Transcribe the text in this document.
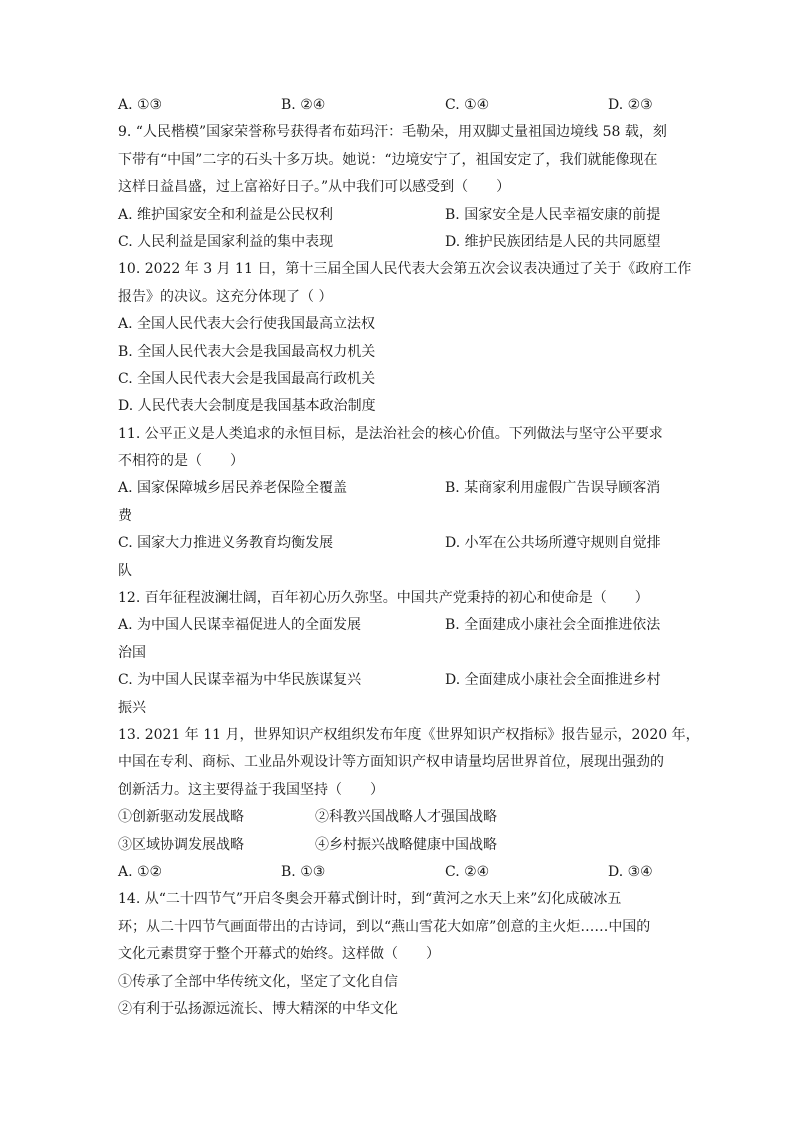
A. ①③	B. ②④	C. ①④	D. ②③
9. “人民楷模”国家荣誉称号获得者布茹玛汗：毛勒朵，用双脚丈量祖国边境线 58 载，刻
下带有“中国”二字的石头十多万块。她说：“边境安宁了，祖国安定了，我们就能像现在
这样日益昌盛，过上富裕好日子。”从中我们可以感受到（　　）
A. 维护国家安全和利益是公民权利	B. 国家安全是人民幸福安康的前提
C. 人民利益是国家利益的集中表现	D. 维护民族团结是人民的共同愿望
10. 2022 年 3 月 11 日，第十三届全国人民代表大会第五次会议表决通过了关于《政府工作
报告》的决议。这充分体现了（ ）
A. 全国人民代表大会行使我国最高立法权
B. 全国人民代表大会是我国最高权力机关
C. 全国人民代表大会是我国最高行政机关
D. 人民代表大会制度是我国基本政治制度
11. 公平正义是人类追求的永恒目标，是法治社会的核心价值。下列做法与坚守公平要求
不相符的是（　　）
A. 国家保障城乡居民养老保险全覆盖	B. 某商家利用虚假广告误导顾客消
费
C. 国家大力推进义务教育均衡发展	D. 小军在公共场所遵守规则自觉排
队
12. 百年征程波澜壮阔，百年初心历久弥坚。中国共产党秉持的初心和使命是（　　）
A. 为中国人民谋幸福促进人的全面发展	B. 全面建成小康社会全面推进依法
治国
C. 为中国人民谋幸福为中华民族谋复兴	D. 全面建成小康社会全面推进乡村
振兴
13. 2021 年 11 月，世界知识产权组织发布年度《世界知识产权指标》报告显示，2020 年，
中国在专利、商标、工业品外观设计等方面知识产权申请量均居世界首位，展现出强劲的
创新活力。这主要得益于我国坚持（　　）
①创新驱动发展战略	②科教兴国战略人才强国战略
③区域协调发展战略	④乡村振兴战略健康中国战略
A. ①②	B. ①③	C. ②④	D. ③④
14. 从“二十四节气”开启冬奥会开幕式倒计时，到“黄河之水天上来”幻化成破冰五
环；从二十四节气画面带出的古诗词，到以“燕山雪花大如席”创意的主火炬……中国的
文化元素贯穿于整个开幕式的始终。这样做（　　）
①传承了全部中华传统文化，坚定了文化自信
②有利于弘扬源远流长、博大精深的中华文化
